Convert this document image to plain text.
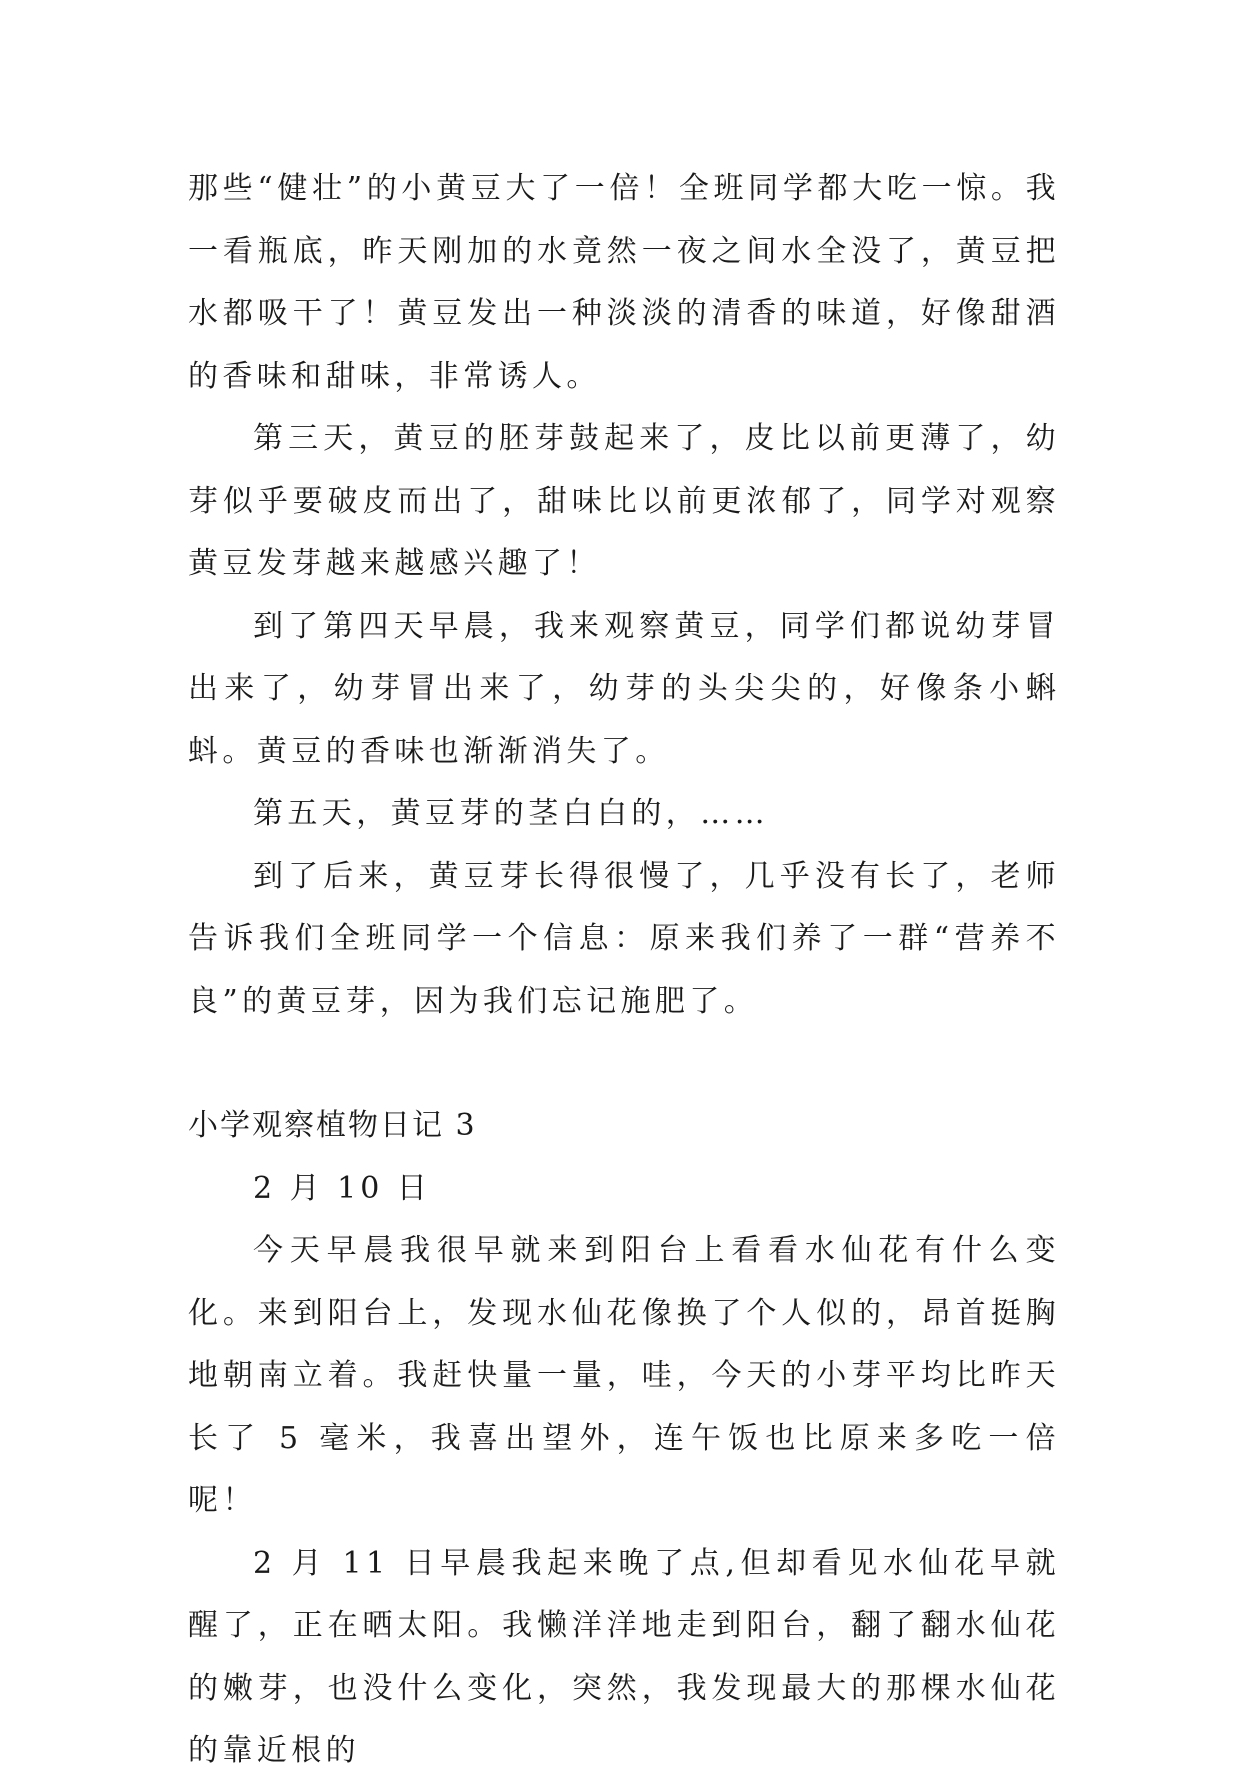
那些“健壮”的小黄豆大了一倍！全班同学都大吃一惊。我一看瓶底，昨天刚加的水竟然一夜之间水全没了，黄豆把水都吸干了！黄豆发出一种淡淡的清香的味道，好像甜酒的香味和甜味，非常诱人。

第三天，黄豆的胚芽鼓起来了，皮比以前更薄了，幼芽似乎要破皮而出了，甜味比以前更浓郁了，同学对观察黄豆发芽越来越感兴趣了！

到了第四天早晨，我来观察黄豆，同学们都说幼芽冒出来了，幼芽冒出来了，幼芽的头尖尖的，好像条小蝌蚪。黄豆的香味也渐渐消失了。

第五天，黄豆芽的茎白白的，……

到了后来，黄豆芽长得很慢了，几乎没有长了，老师告诉我们全班同学一个信息：原来我们养了一群“营养不良”的黄豆芽，因为我们忘记施肥了。

小学观察植物日记 3

2 月 10 日

今天早晨我很早就来到阳台上看看水仙花有什么变化。来到阳台上，发现水仙花像换了个人似的，昂首挺胸地朝南立着。我赶快量一量，哇，今天的小芽平均比昨天长了 5 毫米，我喜出望外，连午饭也比原来多吃一倍呢！

2 月 11 日早晨我起来晚了点,但却看见水仙花早就醒了，正在晒太阳。我懒洋洋地走到阳台，翻了翻水仙花的嫩芽，也没什么变化，突然，我发现最大的那棵水仙花的靠近根的
